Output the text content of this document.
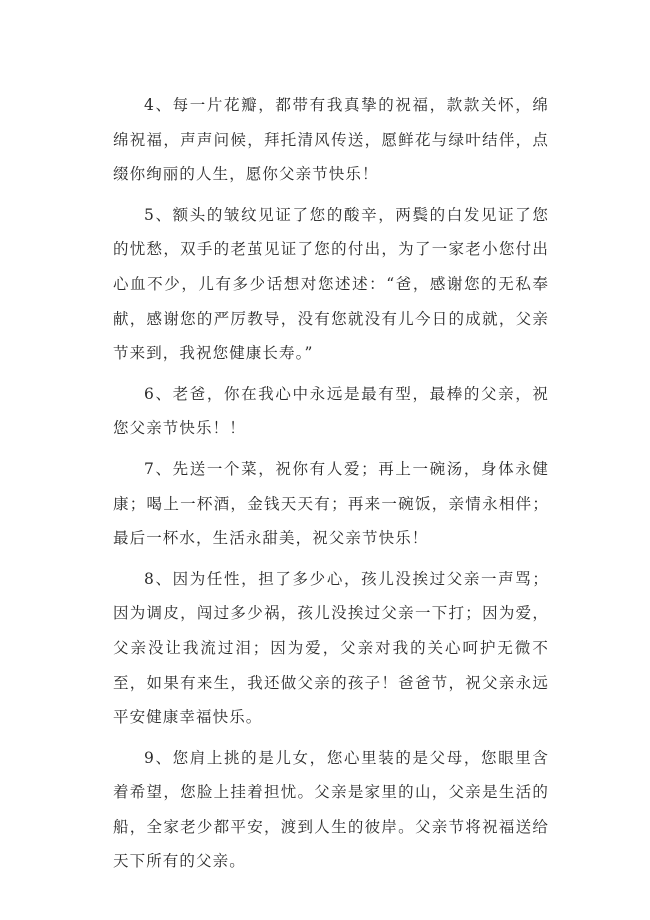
4、每一片花瓣，都带有我真挚的祝福，款款关怀，绵绵祝福，声声问候，拜托清风传送，愿鲜花与绿叶结伴，点缀你绚丽的人生，愿你父亲节快乐！

5、额头的皱纹见证了您的酸辛，两鬓的白发见证了您的忧愁，双手的老茧见证了您的付出，为了一家老小您付出心血不少，儿有多少话想对您述述：“爸，感谢您的无私奉献，感谢您的严厉教导，没有您就没有儿今日的成就，父亲节来到，我祝您健康长寿。”

6、老爸，你在我心中永远是最有型，最棒的父亲，祝您父亲节快乐！！

7、先送一个菜，祝你有人爱；再上一碗汤，身体永健康；喝上一杯酒，金钱天天有；再来一碗饭，亲情永相伴；最后一杯水，生活永甜美，祝父亲节快乐！

8、因为任性，担了多少心，孩儿没挨过父亲一声骂；因为调皮，闯过多少祸，孩儿没挨过父亲一下打；因为爱，父亲没让我流过泪；因为爱，父亲对我的关心呵护无微不至，如果有来生，我还做父亲的孩子！爸爸节，祝父亲永远平安健康幸福快乐。

9、您肩上挑的是儿女，您心里装的是父母，您眼里含着希望，您脸上挂着担忧。父亲是家里的山，父亲是生活的船，全家老少都平安，渡到人生的彼岸。父亲节将祝福送给天下所有的父亲。
